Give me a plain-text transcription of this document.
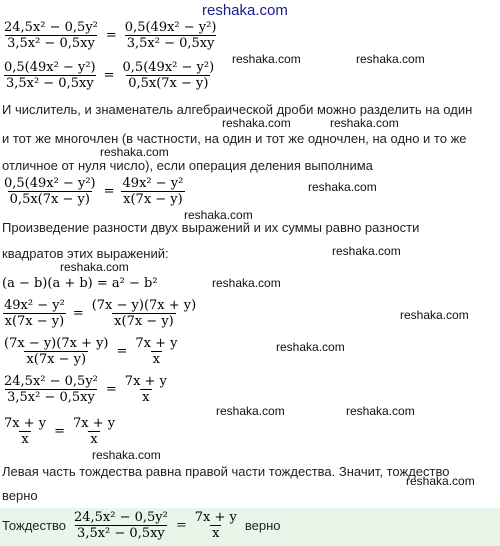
reshaka.com
$\frac{\text{24,5x² − 0,5y²}}{\text{3,5x² − 0,5xy}} = \frac{\text{0,5(49x² − y²)}}{\text{3,5x² − 0,5xy}}$
$\frac{\text{0,5(49x² − y²)}}{\text{3,5x² − 0,5xy}} = \frac{\text{0,5(49x² − y²)}}{0,5x(7x - y)}$
reshaka.com	reshaka.com
И числитель, и знаменатель алгебраической дроби можно разделить на один
reshaka.com	reshaka.com
и тот же многочлен (в частности, на один и тот же одночлен, на одно и то же
reshaka.com
отличное от нуля число), если операция деления выполнима
$\frac{\text{0,5(49x² − y²)}}{0,5x(7x - y)} = \frac{\text{49x² − y²}}{x(7x - y)}$	reshaka.com
reshaka.com
Произведение разности двух выражений и их суммы равно разности
reshaka.com
квадратов этих выражений:
reshaka.com
(a − b)(a + b) = a² − b²	reshaka.com
$\frac{\text{49x² − y²}}{x(7x - y)} = \frac{(7x - y)(7x + y)}{x(7x - y)}$	reshaka.com
$\frac{(7x - y)(7x + y)}{x(7x - y)} = \frac{7x + y}{x}$	reshaka.com
$\frac{\text{24,5x² − 0,5y²}}{\text{3,5x² − 0,5xy}} = \frac{7x + y}{x}$
reshaka.com	reshaka.com
$\frac{7x + y}{x} = \frac{7x + y}{x}$
reshaka.com
Левая часть тождества равна правой части тождества. Значит, тождество
reshaka.com
верно
Тождество $\frac{\text{24,5x² − 0,5y²}}{\text{3,5x² − 0,5xy}} = \frac{7x + y}{x}$ верно
